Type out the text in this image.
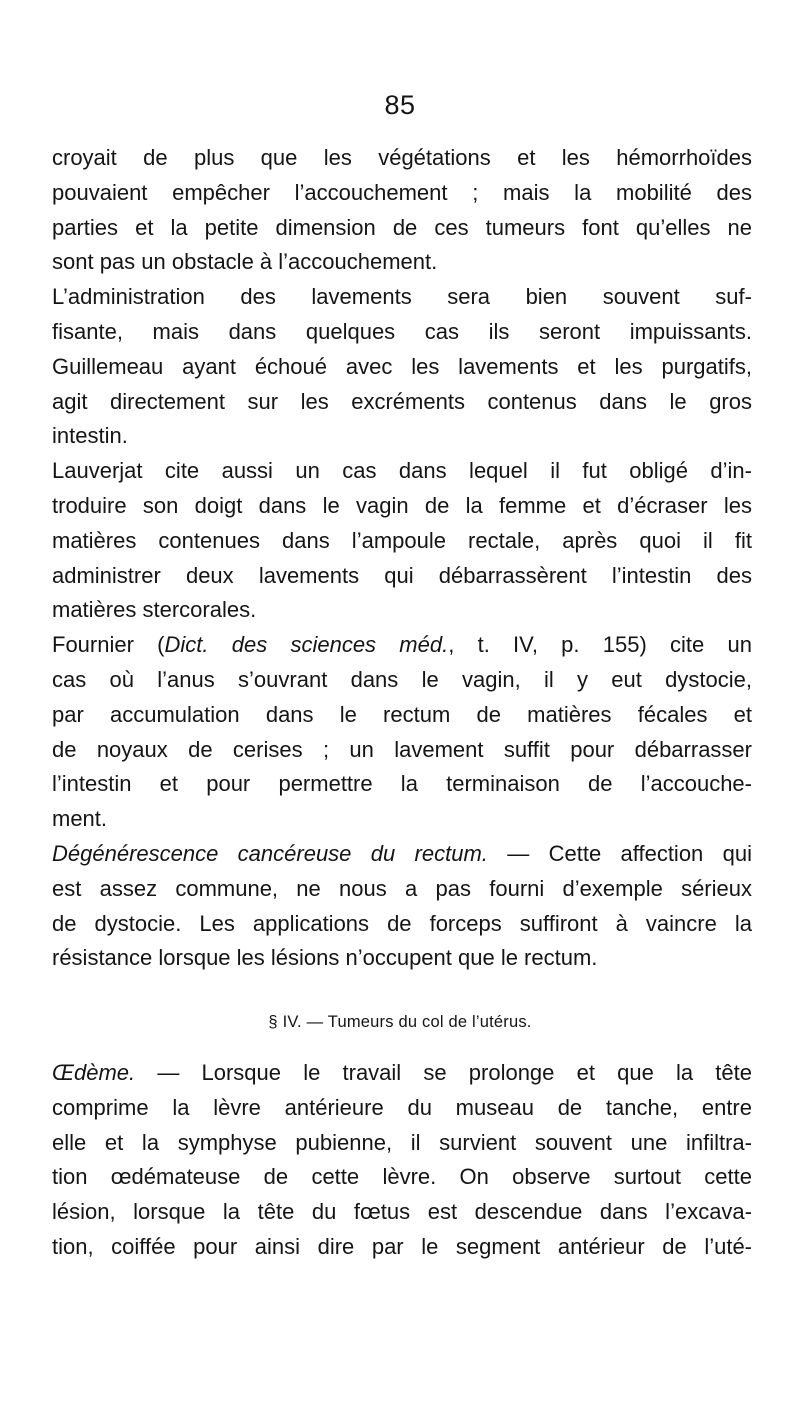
85
croyait de plus que les végétations et les hémorrhoïdes
pouvaient empêcher l’accouchement ; mais la mobilité des
parties et la petite dimension de ces tumeurs font qu’elles ne
sont pas un obstacle à l’accouchement.
L’administration des lavements sera bien souvent suf-
fisante, mais dans quelques cas ils seront impuissants.
Guillemeau ayant échoué avec les lavements et les purgatifs,
agit directement sur les excréments contenus dans le gros
intestin.
Lauverjat cite aussi un cas dans lequel il fut obligé d’in-
troduire son doigt dans le vagin de la femme et d’écraser les
matières contenues dans l’ampoule rectale, après quoi il fit
administrer deux lavements qui débarrassèrent l’intestin des
matières stercorales.
Fournier (Dict. des sciences méd., t. IV, p. 155) cite un
cas où l’anus s’ouvrant dans le vagin, il y eut dystocie,
par accumulation dans le rectum de matières fécales et
de noyaux de cerises ; un lavement suffit pour débarrasser
l’intestin et pour permettre la terminaison de l’accouche-
ment.
Dégénérescence cancéreuse du rectum. — Cette affection qui
est assez commune, ne nous a pas fourni d’exemple sérieux
de dystocie. Les applications de forceps suffiront à vaincre la
résistance lorsque les lésions n’occupent que le rectum.
§ IV. — Tumeurs du col de l’utérus.
Œdème. — Lorsque le travail se prolonge et que la tête
comprime la lèvre antérieure du museau de tanche, entre
elle et la symphyse pubienne, il survient souvent une infiltra-
tion œdémateuse de cette lèvre. On observe surtout cette
lésion, lorsque la tête du fœtus est descendue dans l’excava-
tion, coiffée pour ainsi dire par le segment antérieur de l’uté-
